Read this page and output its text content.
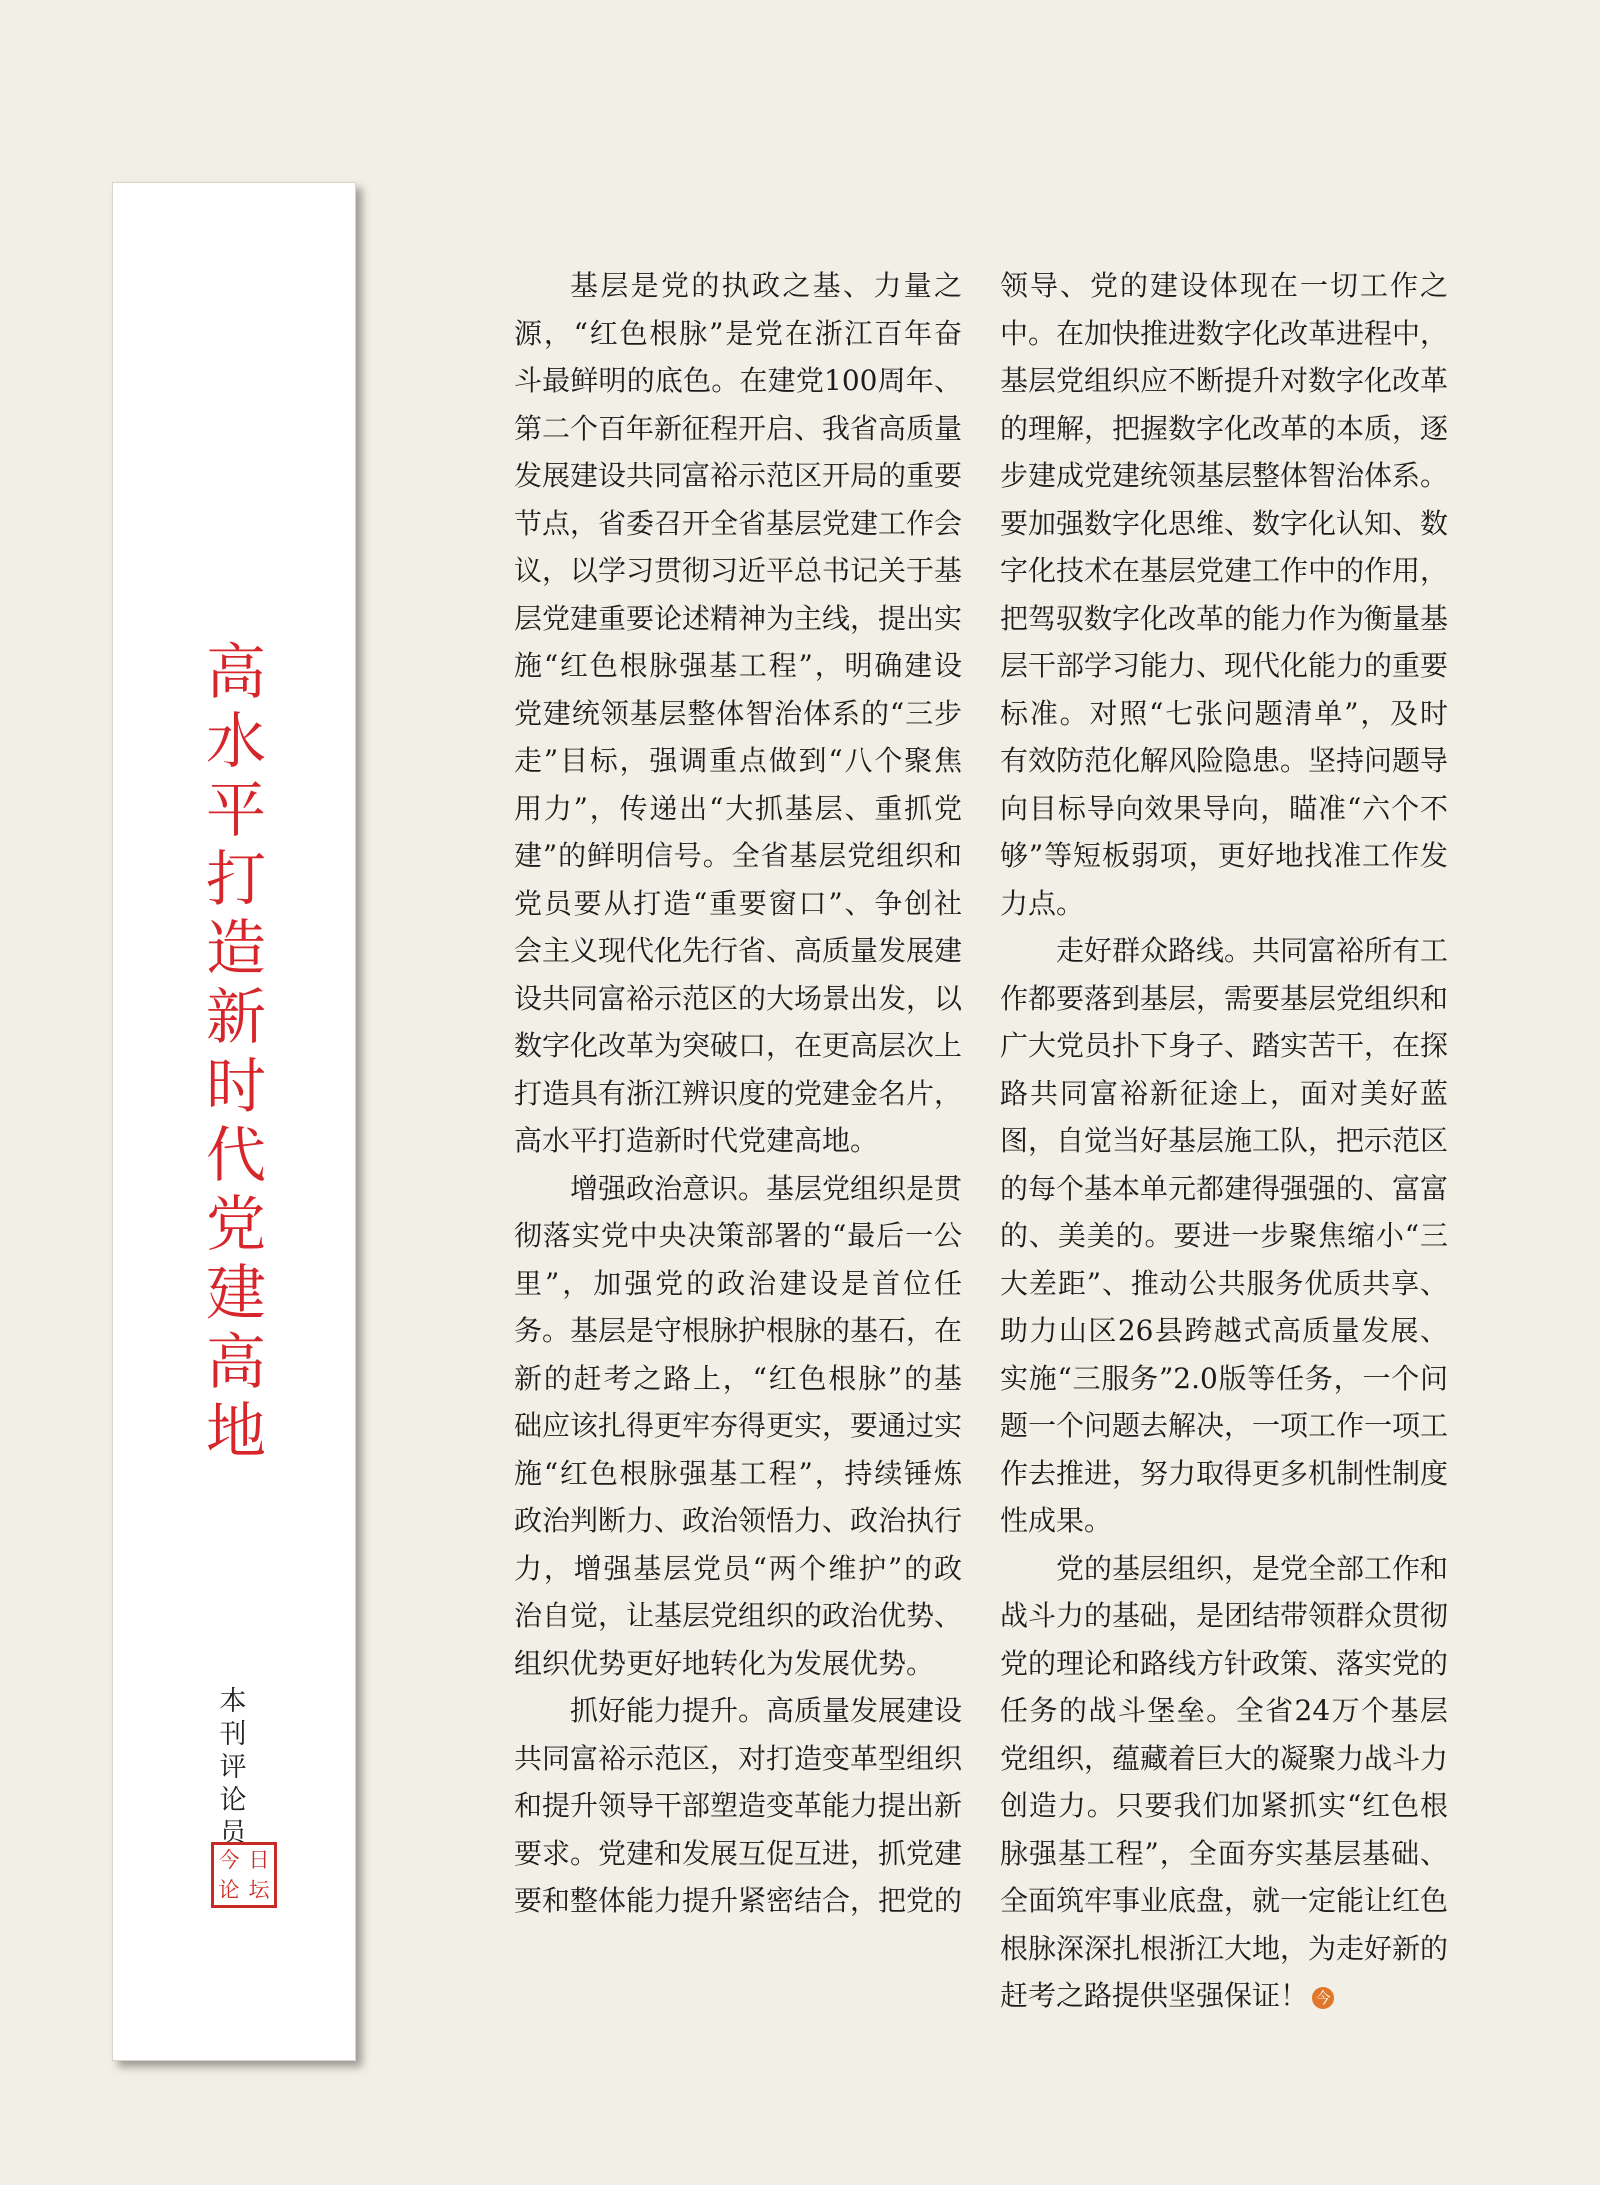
高水平打造新时代党建高地
本刊评论员
今 日
论 坛

基层是党的执政之基、力量之源，“红色根脉”是党在浙江百年奋斗最鲜明的底色。在建党100周年、第二个百年新征程开启、我省高质量发展建设共同富裕示范区开局的重要节点，省委召开全省基层党建工作会议，以学习贯彻习近平总书记关于基层党建重要论述精神为主线，提出实施“红色根脉强基工程”，明确建设党建统领基层整体智治体系的“三步走”目标，强调重点做到“八个聚焦用力”，传递出“大抓基层、重抓党建”的鲜明信号。全省基层党组织和党员要从打造“重要窗口”、争创社会主义现代化先行省、高质量发展建设共同富裕示范区的大场景出发，以数字化改革为突破口，在更高层次上打造具有浙江辨识度的党建金名片，高水平打造新时代党建高地。

增强政治意识。基层党组织是贯彻落实党中央决策部署的“最后一公里”，加强党的政治建设是首位任务。基层是守根脉护根脉的基石，在新的赶考之路上，“红色根脉”的基础应该扎得更牢夯得更实，要通过实施“红色根脉强基工程”，持续锤炼政治判断力、政治领悟力、政治执行力，增强基层党员“两个维护”的政治自觉，让基层党组织的政治优势、组织优势更好地转化为发展优势。

抓好能力提升。高质量发展建设共同富裕示范区，对打造变革型组织和提升领导干部塑造变革能力提出新要求。党建和发展互促互进，抓党建要和整体能力提升紧密结合，把党的

领导、党的建设体现在一切工作之中。在加快推进数字化改革进程中，基层党组织应不断提升对数字化改革的理解，把握数字化改革的本质，逐步建成党建统领基层整体智治体系。要加强数字化思维、数字化认知、数字化技术在基层党建工作中的作用，把驾驭数字化改革的能力作为衡量基层干部学习能力、现代化能力的重要标准。对照“七张问题清单”，及时有效防范化解风险隐患。坚持问题导向目标导向效果导向，瞄准“六个不够”等短板弱项，更好地找准工作发力点。

走好群众路线。共同富裕所有工作都要落到基层，需要基层党组织和广大党员扑下身子、踏实苦干，在探路共同富裕新征途上，面对美好蓝图，自觉当好基层施工队，把示范区的每个基本单元都建得强强的、富富的、美美的。要进一步聚焦缩小“三大差距”、推动公共服务优质共享、助力山区26县跨越式高质量发展、实施“三服务”2.0版等任务，一个问题一个问题去解决，一项工作一项工作去推进，努力取得更多机制性制度性成果。

党的基层组织，是党全部工作和战斗力的基础，是团结带领群众贯彻党的理论和路线方针政策、落实党的任务的战斗堡垒。全省24万个基层党组织，蕴藏着巨大的凝聚力战斗力创造力。只要我们加紧抓实“红色根脉强基工程”，全面夯实基层基础、全面筑牢事业底盘，就一定能让红色根脉深深扎根浙江大地，为走好新的赶考之路提供坚强保证！ 今
